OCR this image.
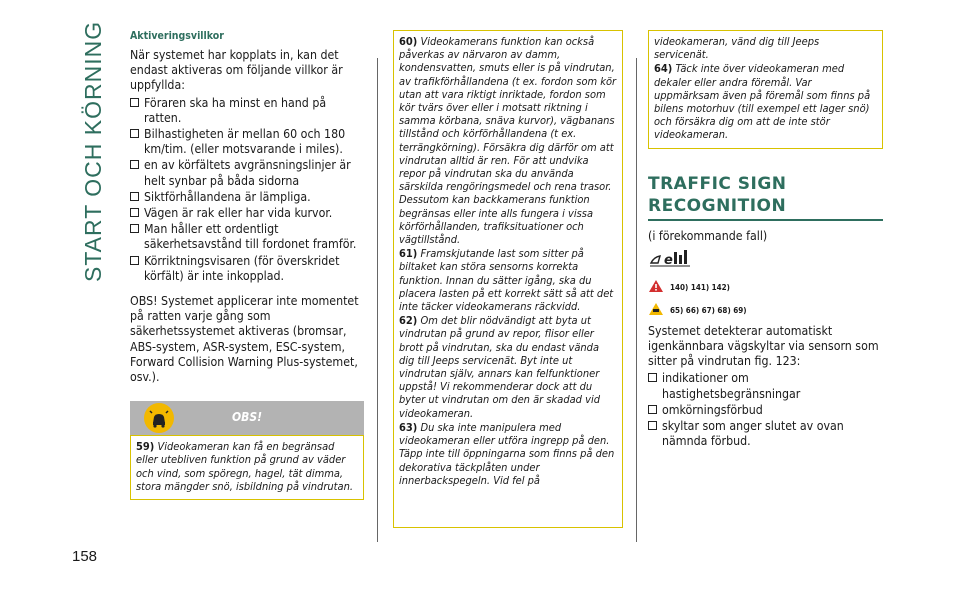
START OCH KÖRNING
158
Aktiveringsvillkor
När systemet har kopplats in, kan det endast aktiveras om följande villkor är uppfyllda:
Föraren ska ha minst en hand på ratten.
Bilhastigheten är mellan 60 och 180 km/tim. (eller motsvarande i miles).
en av körfältets avgränsningslinjer är helt synbar på båda sidorna
Siktförhållandena är lämpliga.
Vägen är rak eller har vida kurvor.
Man håller ett ordentligt säkerhetsavstånd till fordonet framför.
Körriktningsvisaren (för överskridet körfält) är inte inkopplad.
OBS! Systemet applicerar inte momentet på ratten varje gång som säkerhetssystemet aktiveras (bromsar, ABS-system, ASR-system, ESC-system, Forward Collision Warning Plus-systemet, osv.).
OBS!
59) Videokameran kan få en begränsad eller utebliven funktion på grund av väder och vind, som spöregn, hagel, tät dimma, stora mängder snö, isbildning på vindrutan.
60) Videokamerans funktion kan också påverkas av närvaron av damm, kondensvatten, smuts eller is på vindrutan, av trafikförhållandena (t ex. fordon som kör utan att vara riktigt inriktade, fordon som kör tvärs över eller i motsatt riktning i samma körbana, snäva kurvor), vägbanans tillstånd och körförhållandena (t ex. terrängkörning). Försäkra dig därför om att vindrutan alltid är ren. För att undvika repor på vindrutan ska du använda särskilda rengöringsmedel och rena trasor. Dessutom kan backkamerans funktion begränsas eller inte alls fungera i vissa körförhållanden, trafiksituationer och vägtillstånd.
61) Framskjutande last som sitter på biltaket kan störa sensorns korrekta funktion. Innan du sätter igång, ska du placera lasten på ett korrekt sätt så att det inte täcker videokamerans räckvidd.
62) Om det blir nödvändigt att byta ut vindrutan på grund av repor, flisor eller brott på vindrutan, ska du endast vända dig till Jeeps servicenät. Byt inte ut vindrutan själv, annars kan felfunktioner uppstå! Vi rekommenderar dock att du byter ut vindrutan om den är skadad vid videokameran.
63) Du ska inte manipulera med videokameran eller utföra ingrepp på den. Täpp inte till öppningarna som finns på den dekorativa täckplåten under innerbackspegeln. Vid fel på
videokameran, vänd dig till Jeeps servicenät.
64) Täck inte över videokameran med dekaler eller andra föremål. Var uppmärksam även på föremål som finns på bilens motorhuv (till exempel ett lager snö) och försäkra dig om att de inte stör videokameran.
TRAFFIC SIGN
RECOGNITION
(i förekommande fall)
e
140) 141) 142)
65) 66) 67) 68) 69)
Systemet detekterar automatiskt igenkännbara vägskyltar via sensorn som sitter på vindrutan fig. 123:
indikationer om hastighetsbegränsningar
omkörningsförbud
skyltar som anger slutet av ovan nämnda förbud.
